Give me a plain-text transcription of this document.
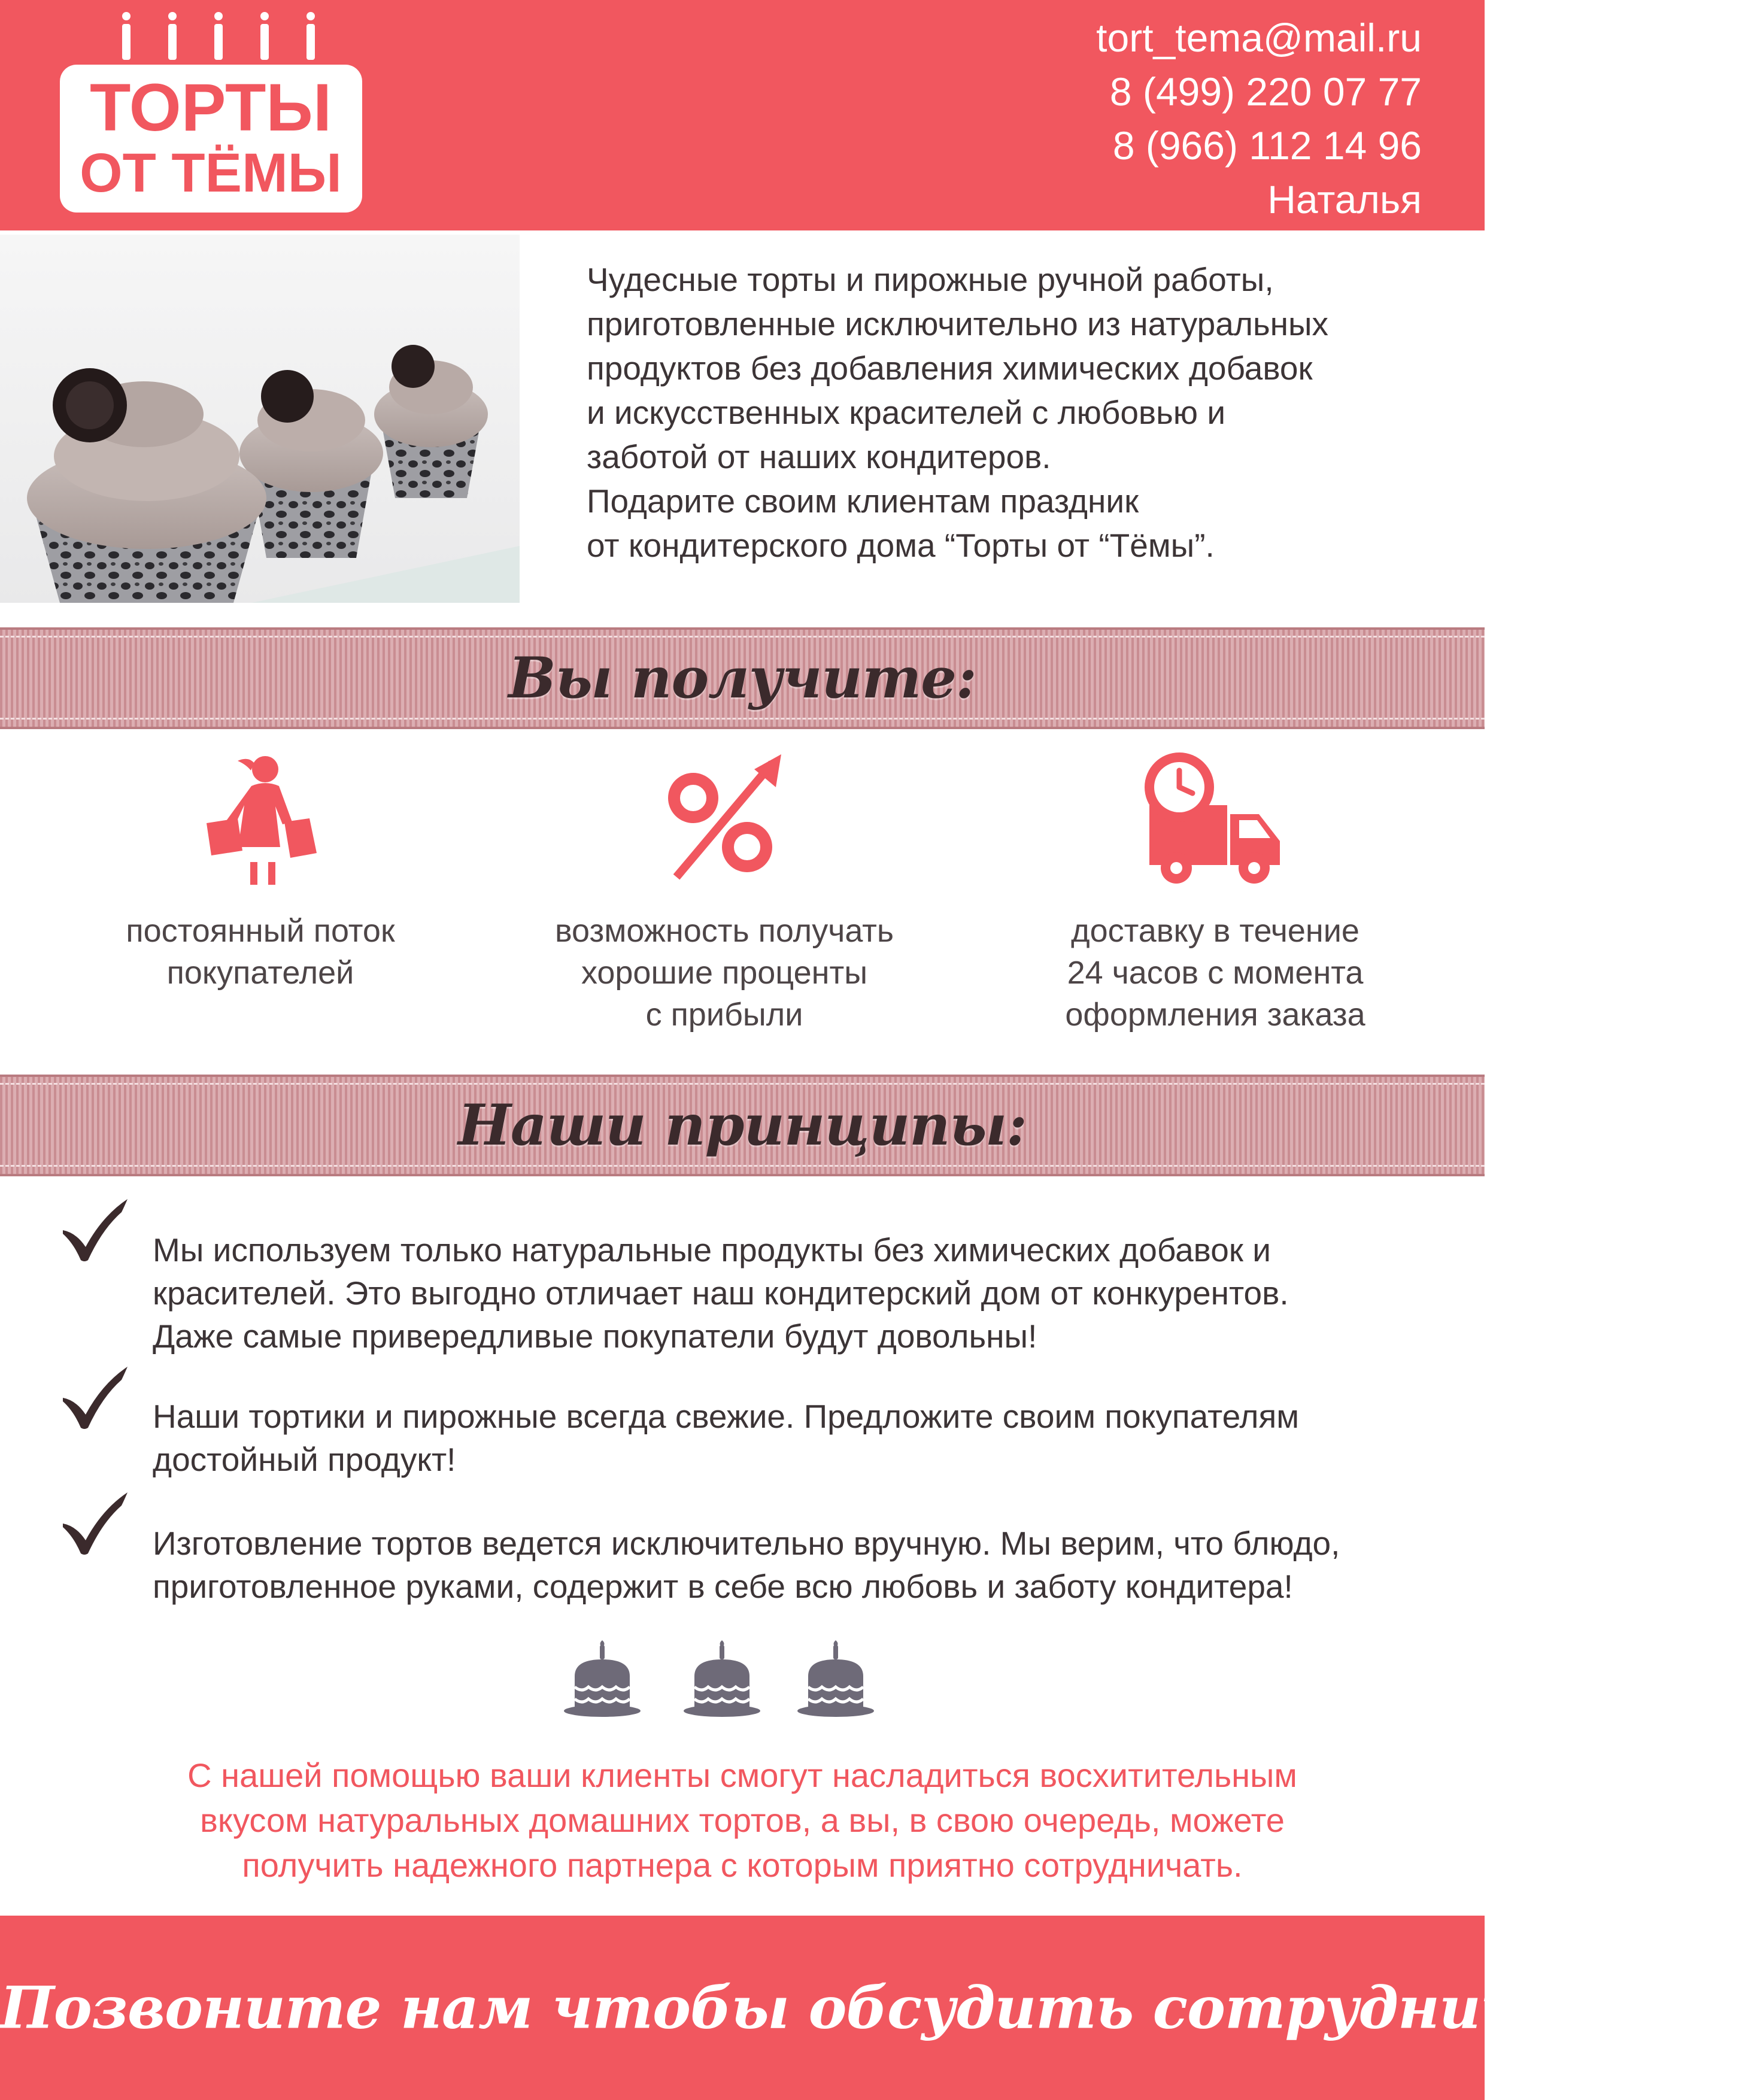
ТОРТЫ
ОТ ТЁМЫ
tort_tema@mail.ru
8 (499) 220 07 77
8 (966) 112 14 96
Наталья

Чудесные торты и пирожные ручной работы,

приготовленные исключительно из натуральных

продуктов без добавления химических добавок

и искусственных красителей с любовью и

заботой от наших кондитеров.

Подарите своим клиентам праздник

от кондитерского дома “Торты от “Тёмы”.

Вы получите:
постоянный поток
покупателей
возможность получать
хорошие проценты
с прибыли
доставку в течение
24 часов с момента
оформления заказа
Наши принципы:
Мы используем только натуральные продукты без химических добавок и
красителей. Это выгодно отличает наш кондитерский дом от конкурентов.
Даже самые привередливые покупатели будут довольны!
Наши тортики и пирожные всегда свежие. Предложите своим покупателям
достойный продукт!
Изготовление тортов ведется исключительно вручную. Мы верим, что блюдо,
приготовленное руками, содержит в себе всю любовь и заботу кондитера!
С нашей помощью ваши клиенты смогут насладиться восхитительным
вкусом натуральных домашних тортов, а вы, в свою очередь, можете
получить надежного партнера с которым приятно сотрудничать.
Позвоните нам чтобы обсудить сотрудничество!
